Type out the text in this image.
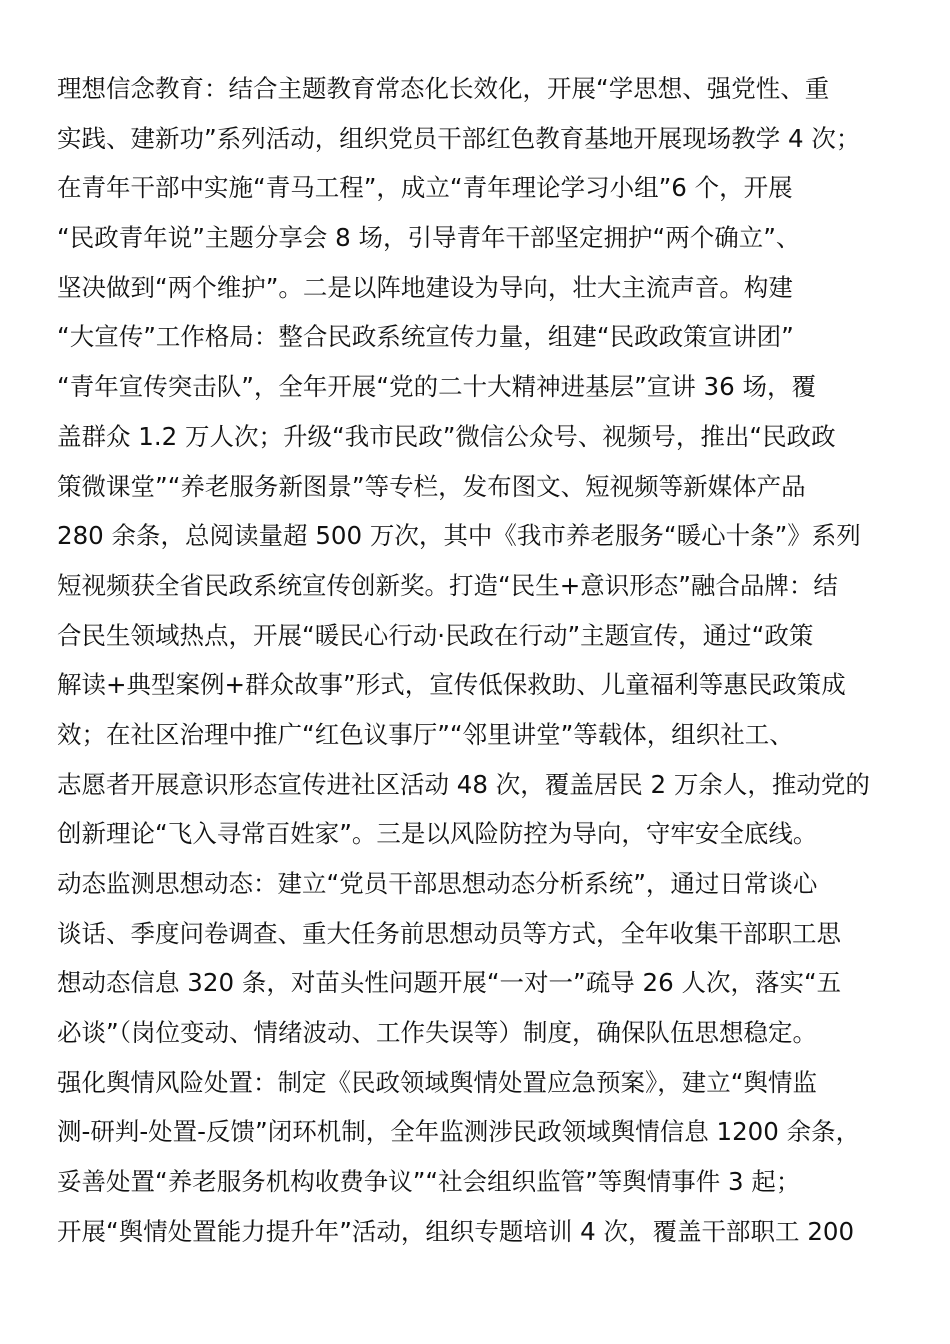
理想信念教育：结合主题教育常态化长效化，开展“学思想、强党性、重
实践、建新功”系列活动，组织党员干部红色教育基地开展现场教学 4 次；
在青年干部中实施“青马工程”，成立“青年理论学习小组”6 个，开展
“民政青年说”主题分享会 8 场，引导青年干部坚定拥护“两个确立”、
坚决做到“两个维护”。二是以阵地建设为导向，壮大主流声音。构建
“大宣传”工作格局：整合民政系统宣传力量，组建“民政政策宣讲团”
“青年宣传突击队”，全年开展“党的二十大精神进基层”宣讲 36 场，覆
盖群众 1.2 万人次；升级“我市民政”微信公众号、视频号，推出“民政政
策微课堂”“养老服务新图景”等专栏，发布图文、短视频等新媒体产品
280 余条，总阅读量超 500 万次，其中《我市养老服务“暖心十条”》系列
短视频获全省民政系统宣传创新奖。打造“民生+意识形态”融合品牌：结
合民生领域热点，开展“暖民心行动·民政在行动”主题宣传，通过“政策
解读+典型案例+群众故事”形式，宣传低保救助、儿童福利等惠民政策成
效；在社区治理中推广“红色议事厅”“邻里讲堂”等载体，组织社工、
志愿者开展意识形态宣传进社区活动 48 次，覆盖居民 2 万余人，推动党的
创新理论“飞入寻常百姓家”。三是以风险防控为导向，守牢安全底线。
动态监测思想动态：建立“党员干部思想动态分析系统”，通过日常谈心
谈话、季度问卷调查、重大任务前思想动员等方式，全年收集干部职工思
想动态信息 320 条，对苗头性问题开展“一对一”疏导 26 人次，落实“五
必谈”（岗位变动、情绪波动、工作失误等）制度，确保队伍思想稳定。
强化舆情风险处置：制定《民政领域舆情处置应急预案》，建立“舆情监
测-研判-处置-反馈”闭环机制，全年监测涉民政领域舆情信息 1200 余条，
妥善处置“养老服务机构收费争议”“社会组织监管”等舆情事件 3 起；
开展“舆情处置能力提升年”活动，组织专题培训 4 次，覆盖干部职工 200
